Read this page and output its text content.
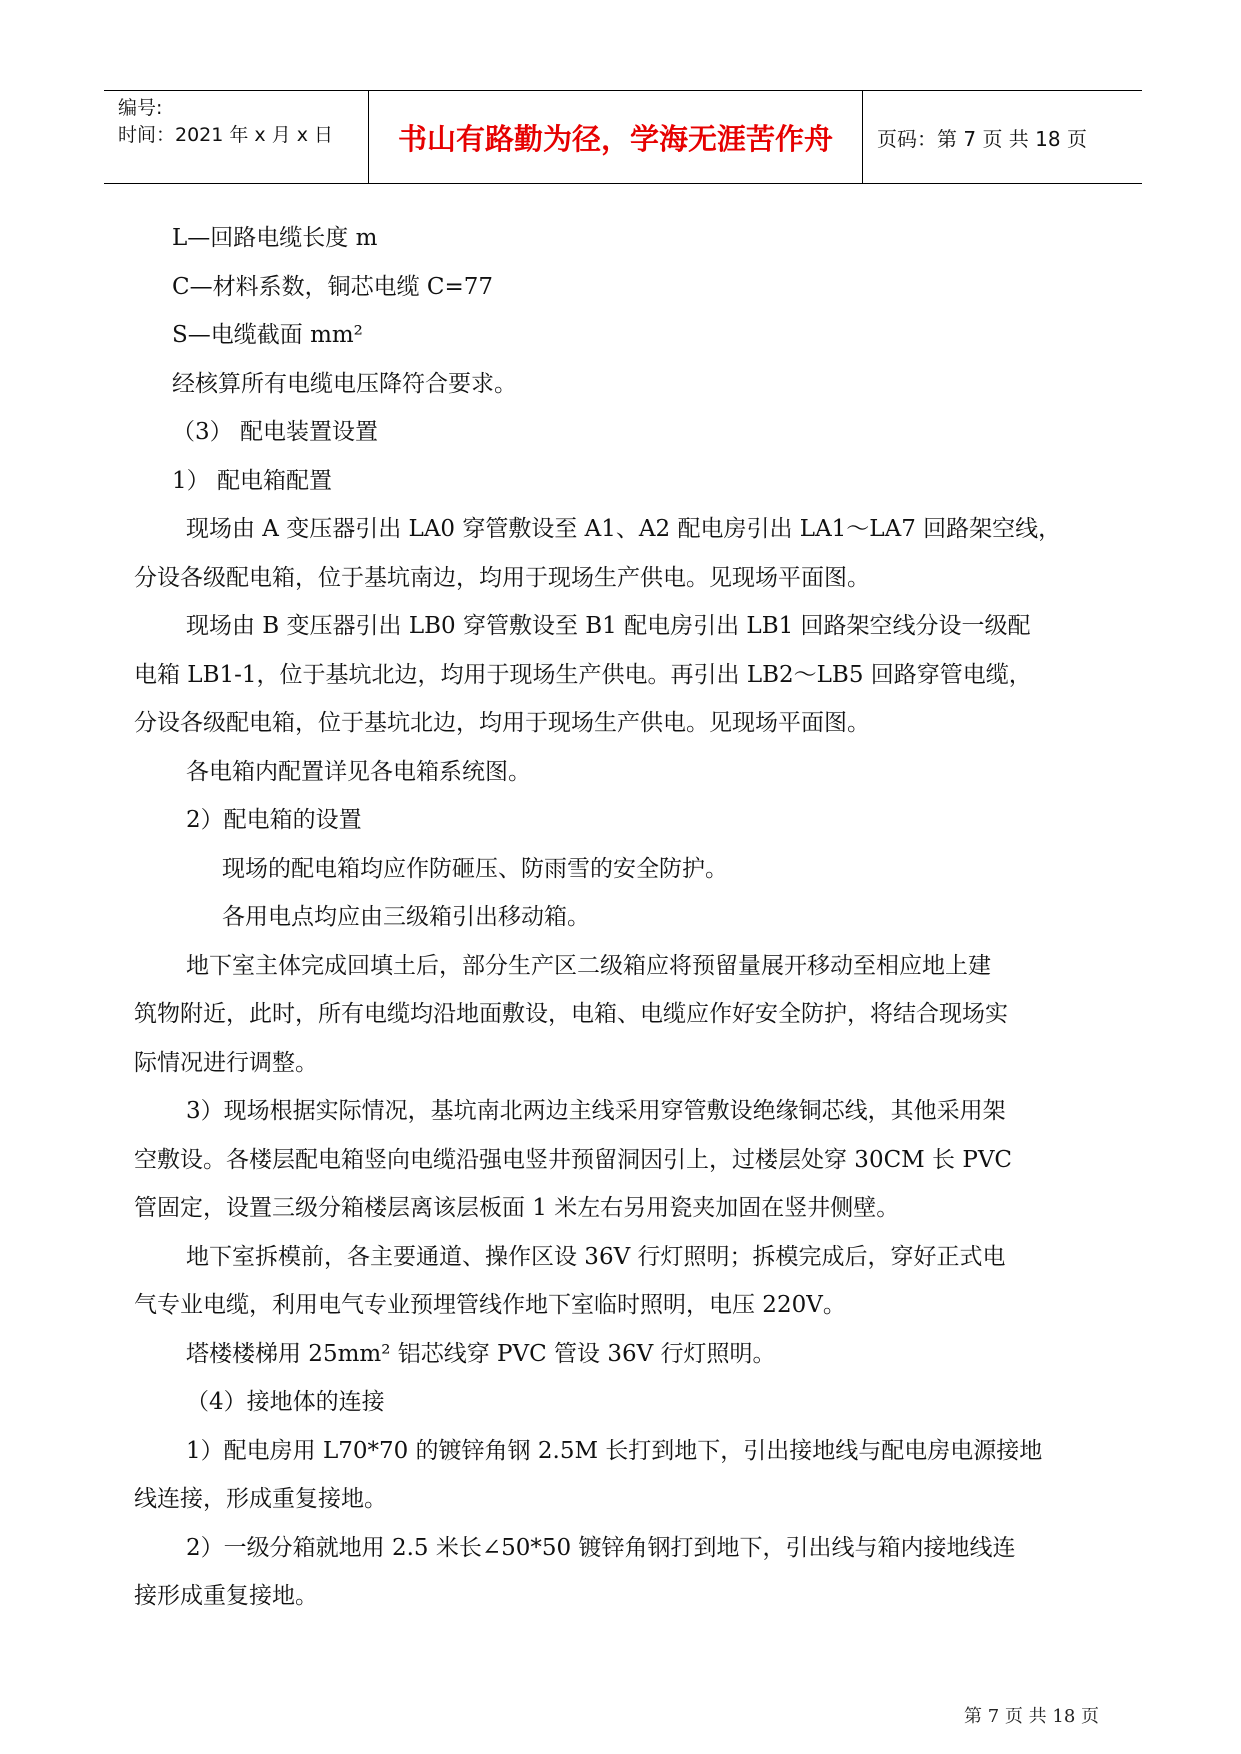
编号:
时间：2021 年 x 月 x 日	书山有路勤为径，学海无涯苦作舟	页码：第 7 页 共 18 页
L—回路电缆长度 m
C—材料系数，铜芯电缆 C=77
S—电缆截面 mm²
经核算所有电缆电压降符合要求。
（3） 配电装置设置
1） 配电箱配置
现场由 A 变压器引出 LA0 穿管敷设至 A1、A2 配电房引出 LA1～LA7 回路架空线，
分设各级配电箱，位于基坑南边，均用于现场生产供电。见现场平面图。
现场由 B 变压器引出 LB0 穿管敷设至 B1 配电房引出 LB1 回路架空线分设一级配
电箱 LB1-1，位于基坑北边，均用于现场生产供电。再引出 LB2～LB5 回路穿管电缆，
分设各级配电箱，位于基坑北边，均用于现场生产供电。见现场平面图。
各电箱内配置详见各电箱系统图。
2）配电箱的设置
现场的配电箱均应作防砸压、防雨雪的安全防护。
各用电点均应由三级箱引出移动箱。
地下室主体完成回填土后，部分生产区二级箱应将预留量展开移动至相应地上建
筑物附近，此时，所有电缆均沿地面敷设，电箱、电缆应作好安全防护，将结合现场实
际情况进行调整。
3）现场根据实际情况，基坑南北两边主线采用穿管敷设绝缘铜芯线，其他采用架
空敷设。各楼层配电箱竖向电缆沿强电竖井预留洞因引上，过楼层处穿 30CM 长 PVC
管固定，设置三级分箱楼层离该层板面 1 米左右另用瓷夹加固在竖井侧壁。
地下室拆模前，各主要通道、操作区设 36V 行灯照明；拆模完成后，穿好正式电
气专业电缆，利用电气专业预埋管线作地下室临时照明，电压 220V。
塔楼楼梯用 25mm² 铝芯线穿 PVC 管设 36V 行灯照明。
（4）接地体的连接
1）配电房用 L70*70 的镀锌角钢 2.5M 长打到地下，引出接地线与配电房电源接地
线连接，形成重复接地。
2）一级分箱就地用 2.5 米长∠50*50 镀锌角钢打到地下，引出线与箱内接地线连
接形成重复接地。
第 7 页 共 18 页
